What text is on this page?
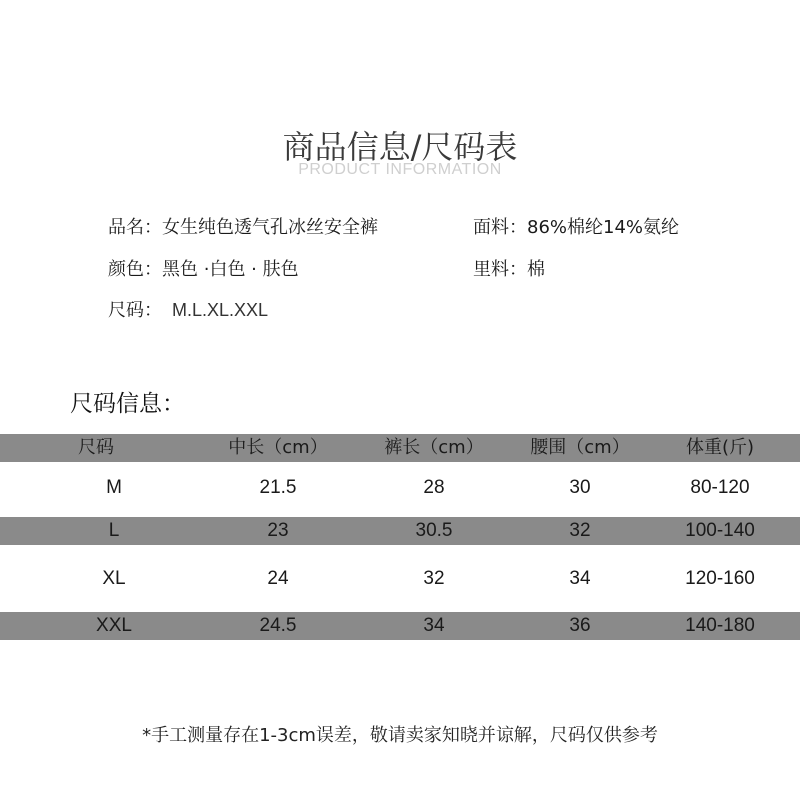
商品信息/尺码表
PRODUCT INFORMATION
品名：女生纯色透气孔冰丝安全裤	面料：86%棉纶14%氨纶
颜色：黑色 ·白色 · 肤色	里料：棉
尺码： M.L.XL.XXL
尺码信息：
尺码	中长（cm）	裤长（cm）	腰围（cm）	体重(斤)
M	21.5	28	30	80-120
L	23	30.5	32	100-140
XL	24	32	34	120-160
XXL	24.5	34	36	140-180
*手工测量存在1-3cm误差，敬请卖家知晓并谅解，尺码仅供参考
